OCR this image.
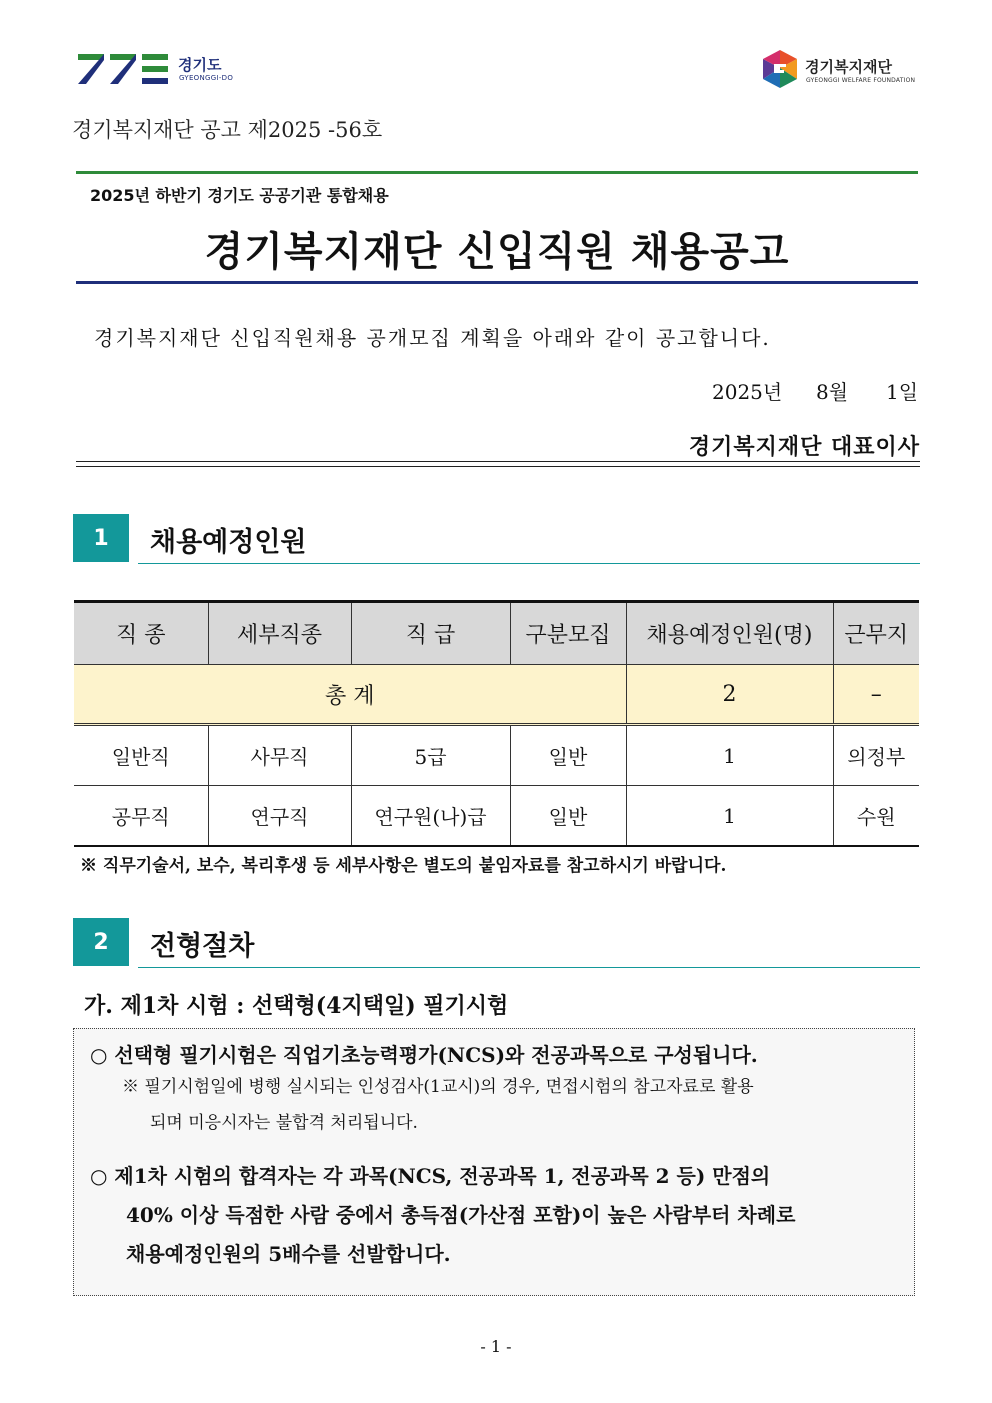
경기도
GYEONGGI-DO
경기복지재단
GYEONGGI WELFARE FOUNDATION
경기복지재단 공고 제2025 -56호
2025년 하반기 경기도 공공기관 통합채용
경기복지재단 신입직원 채용공고
경기복지재단 신입직원채용 공개모집 계획을 아래와 같이 공고합니다.
2025년 8월 1일
경기복지재단 대표이사
1	채용예정인원
직 종	세부직종	직 급	구분모집	채용예정인원(명)	근무지
총 계				2	–
일반직	사무직	5급	일반	1	의정부
공무직	연구직	연구원(나)급	일반	1	수원
※ 직무기술서, 보수, 복리후생 등 세부사항은 별도의 붙임자료를 참고하시기 바랍니다.
2	전형절차
가. 제1차 시험 : 선택형(4지택일) 필기시험
○ 선택형 필기시험은 직업기초능력평가(NCS)와 전공과목으로 구성됩니다.
※ 필기시험일에 병행 실시되는 인성검사(1교시)의 경우, 면접시험의 참고자료로 활용
되며 미응시자는 불합격 처리됩니다.
○ 제1차 시험의 합격자는 각 과목(NCS, 전공과목 1, 전공과목 2 등) 만점의
40% 이상 득점한 사람 중에서 총득점(가산점 포함)이 높은 사람부터 차례로
채용예정인원의 5배수를 선발합니다.
- 1 -
